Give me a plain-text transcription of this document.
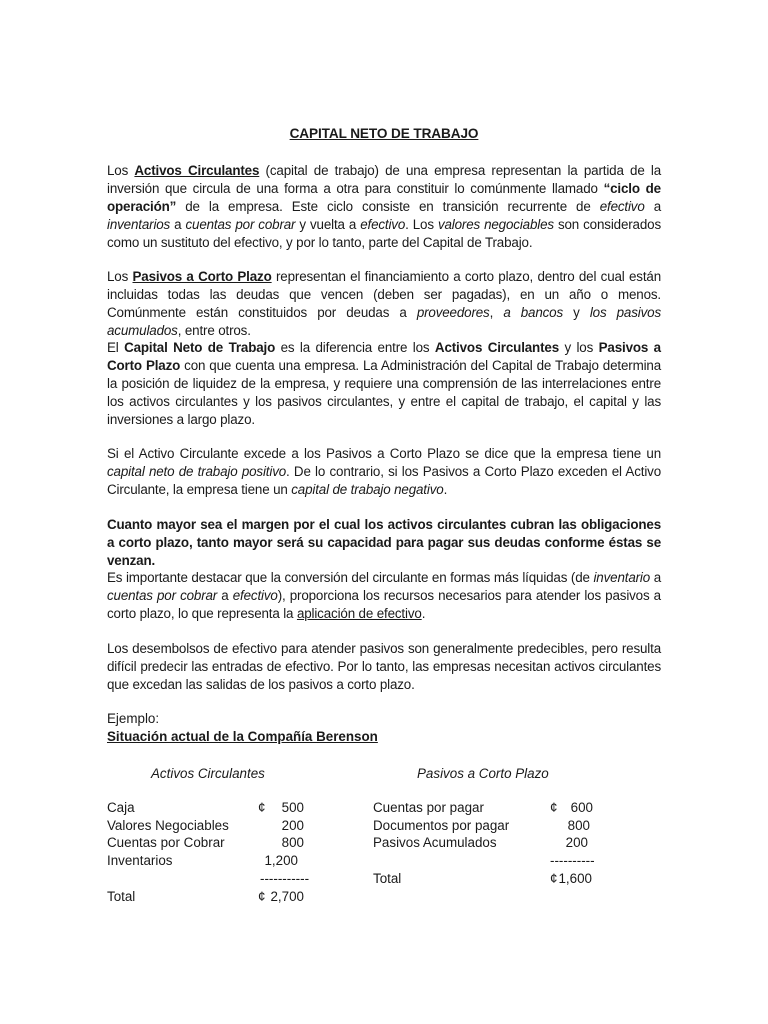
CAPITAL NETO DE TRABAJO
Los Activos Circulantes (capital de trabajo) de una empresa representan la partida de la inversión que circula de una forma a otra para constituir lo comúnmente llamado “ciclo de operación” de la empresa. Este ciclo consiste en transición recurrente de efectivo a inventarios a cuentas por cobrar y vuelta a efectivo. Los valores negociables son considerados como un sustituto del efectivo, y por lo tanto, parte del Capital de Trabajo.
Los Pasivos a Corto Plazo representan el financiamiento a corto plazo, dentro del cual están incluidas todas las deudas que vencen (deben ser pagadas), en un año o menos. Comúnmente están constituidos por deudas a proveedores, a bancos y los pasivos acumulados, entre otros.
El Capital Neto de Trabajo es la diferencia entre los Activos Circulantes y los Pasivos a Corto Plazo con que cuenta una empresa. La Administración del Capital de Trabajo determina la posición de liquidez de la empresa, y requiere una comprensión de las interrelaciones entre los activos circulantes y los pasivos circulantes, y entre el capital de trabajo, el capital y las inversiones a largo plazo.
Si el Activo Circulante excede a los Pasivos a Corto Plazo se dice que la empresa tiene un capital neto de trabajo positivo. De lo contrario, si los Pasivos a Corto Plazo exceden el Activo Circulante, la empresa tiene un capital de trabajo negativo.
Cuanto mayor sea el margen por el cual los activos circulantes cubran las obligaciones a corto plazo, tanto mayor será su capacidad para pagar sus deudas conforme éstas se venzan.
Es importante destacar que la conversión del circulante en formas más líquidas (de inventario a cuentas por cobrar a efectivo), proporciona los recursos necesarios para atender los pasivos a corto plazo, lo que representa la aplicación de efectivo.
Los desembolsos de efectivo para atender pasivos son generalmente predecibles, pero resulta difícil predecir las entradas de efectivo. Por lo tanto, las empresas necesitan activos circulantes que excedan las salidas de los pasivos a corto plazo.
Ejemplo:
Situación actual de la Compañía Berenson
Activos Circulantes	Pasivos a Corto Plazo
Caja	¢ 500
Valores Negociables	200
Cuentas por Cobrar	800
Inventarios	1,200
-----------
Total	¢ 2,700
Cuentas por pagar	¢ 600
Documentos por pagar	800
Pasivos Acumulados	200
----------
Total	¢ 1,600
